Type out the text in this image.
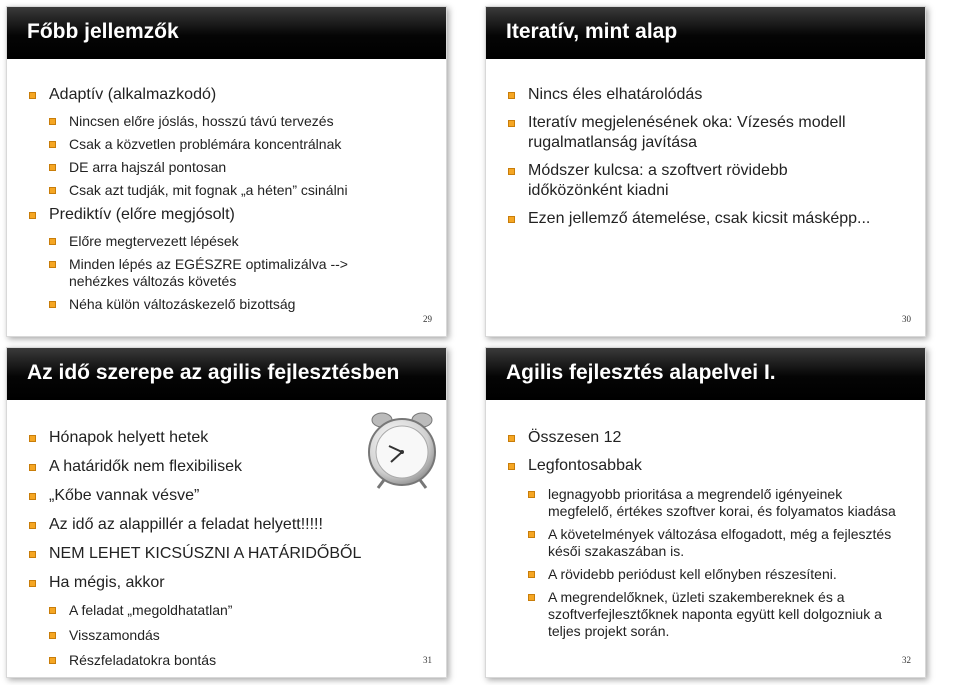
Főbb jellemzők
Adaptív (alkalmazkodó)
Nincsen előre jóslás, hosszú távú tervezés
Csak a közvetlen problémára koncentrálnak
DE arra hajszál pontosan
Csak azt tudják, mit fognak „a héten” csinálni
Prediktív (előre megjósolt)
Előre megtervezett lépések
Minden lépés az EGÉSZRE optimalizálva --> nehézkes változás követés
Néha külön változáskezelő bizottság
29
Iteratív, mint alap
Nincs éles elhatárolódás
Iteratív megjelenésének oka: Vízesés modell rugalmatlanság javítása
Módszer kulcsa: a szoftvert rövidebb időközönként kiadni
Ezen jellemző átemelése, csak kicsit másképp...
30
Az idő szerepe az agilis fejlesztésben
Hónapok helyett hetek
A határidők nem flexibilisek
„Kőbe vannak vésve”
Az idő az alappillér a feladat helyett!!!!!
NEM LEHET KICSÚSZNI A HATÁRIDŐBŐL
Ha mégis, akkor
A feladat „megoldhatatlan”
Visszamondás
Részfeladatokra bontás	31
Agilis fejlesztés alapelvei I.
Összesen 12
Legfontosabbak
legnagyobb prioritása a megrendelő igényeinek megfelelő, értékes szoftver korai, és folyamatos kiadása
A követelmények változása elfogadott, még a fejlesztés késői szakaszában is.
A rövidebb periódust kell előnyben részesíteni.
A megrendelőknek, üzleti szakembereknek és a szoftverfejlesztőknek naponta együtt kell dolgozniuk a teljes projekt során.
32
